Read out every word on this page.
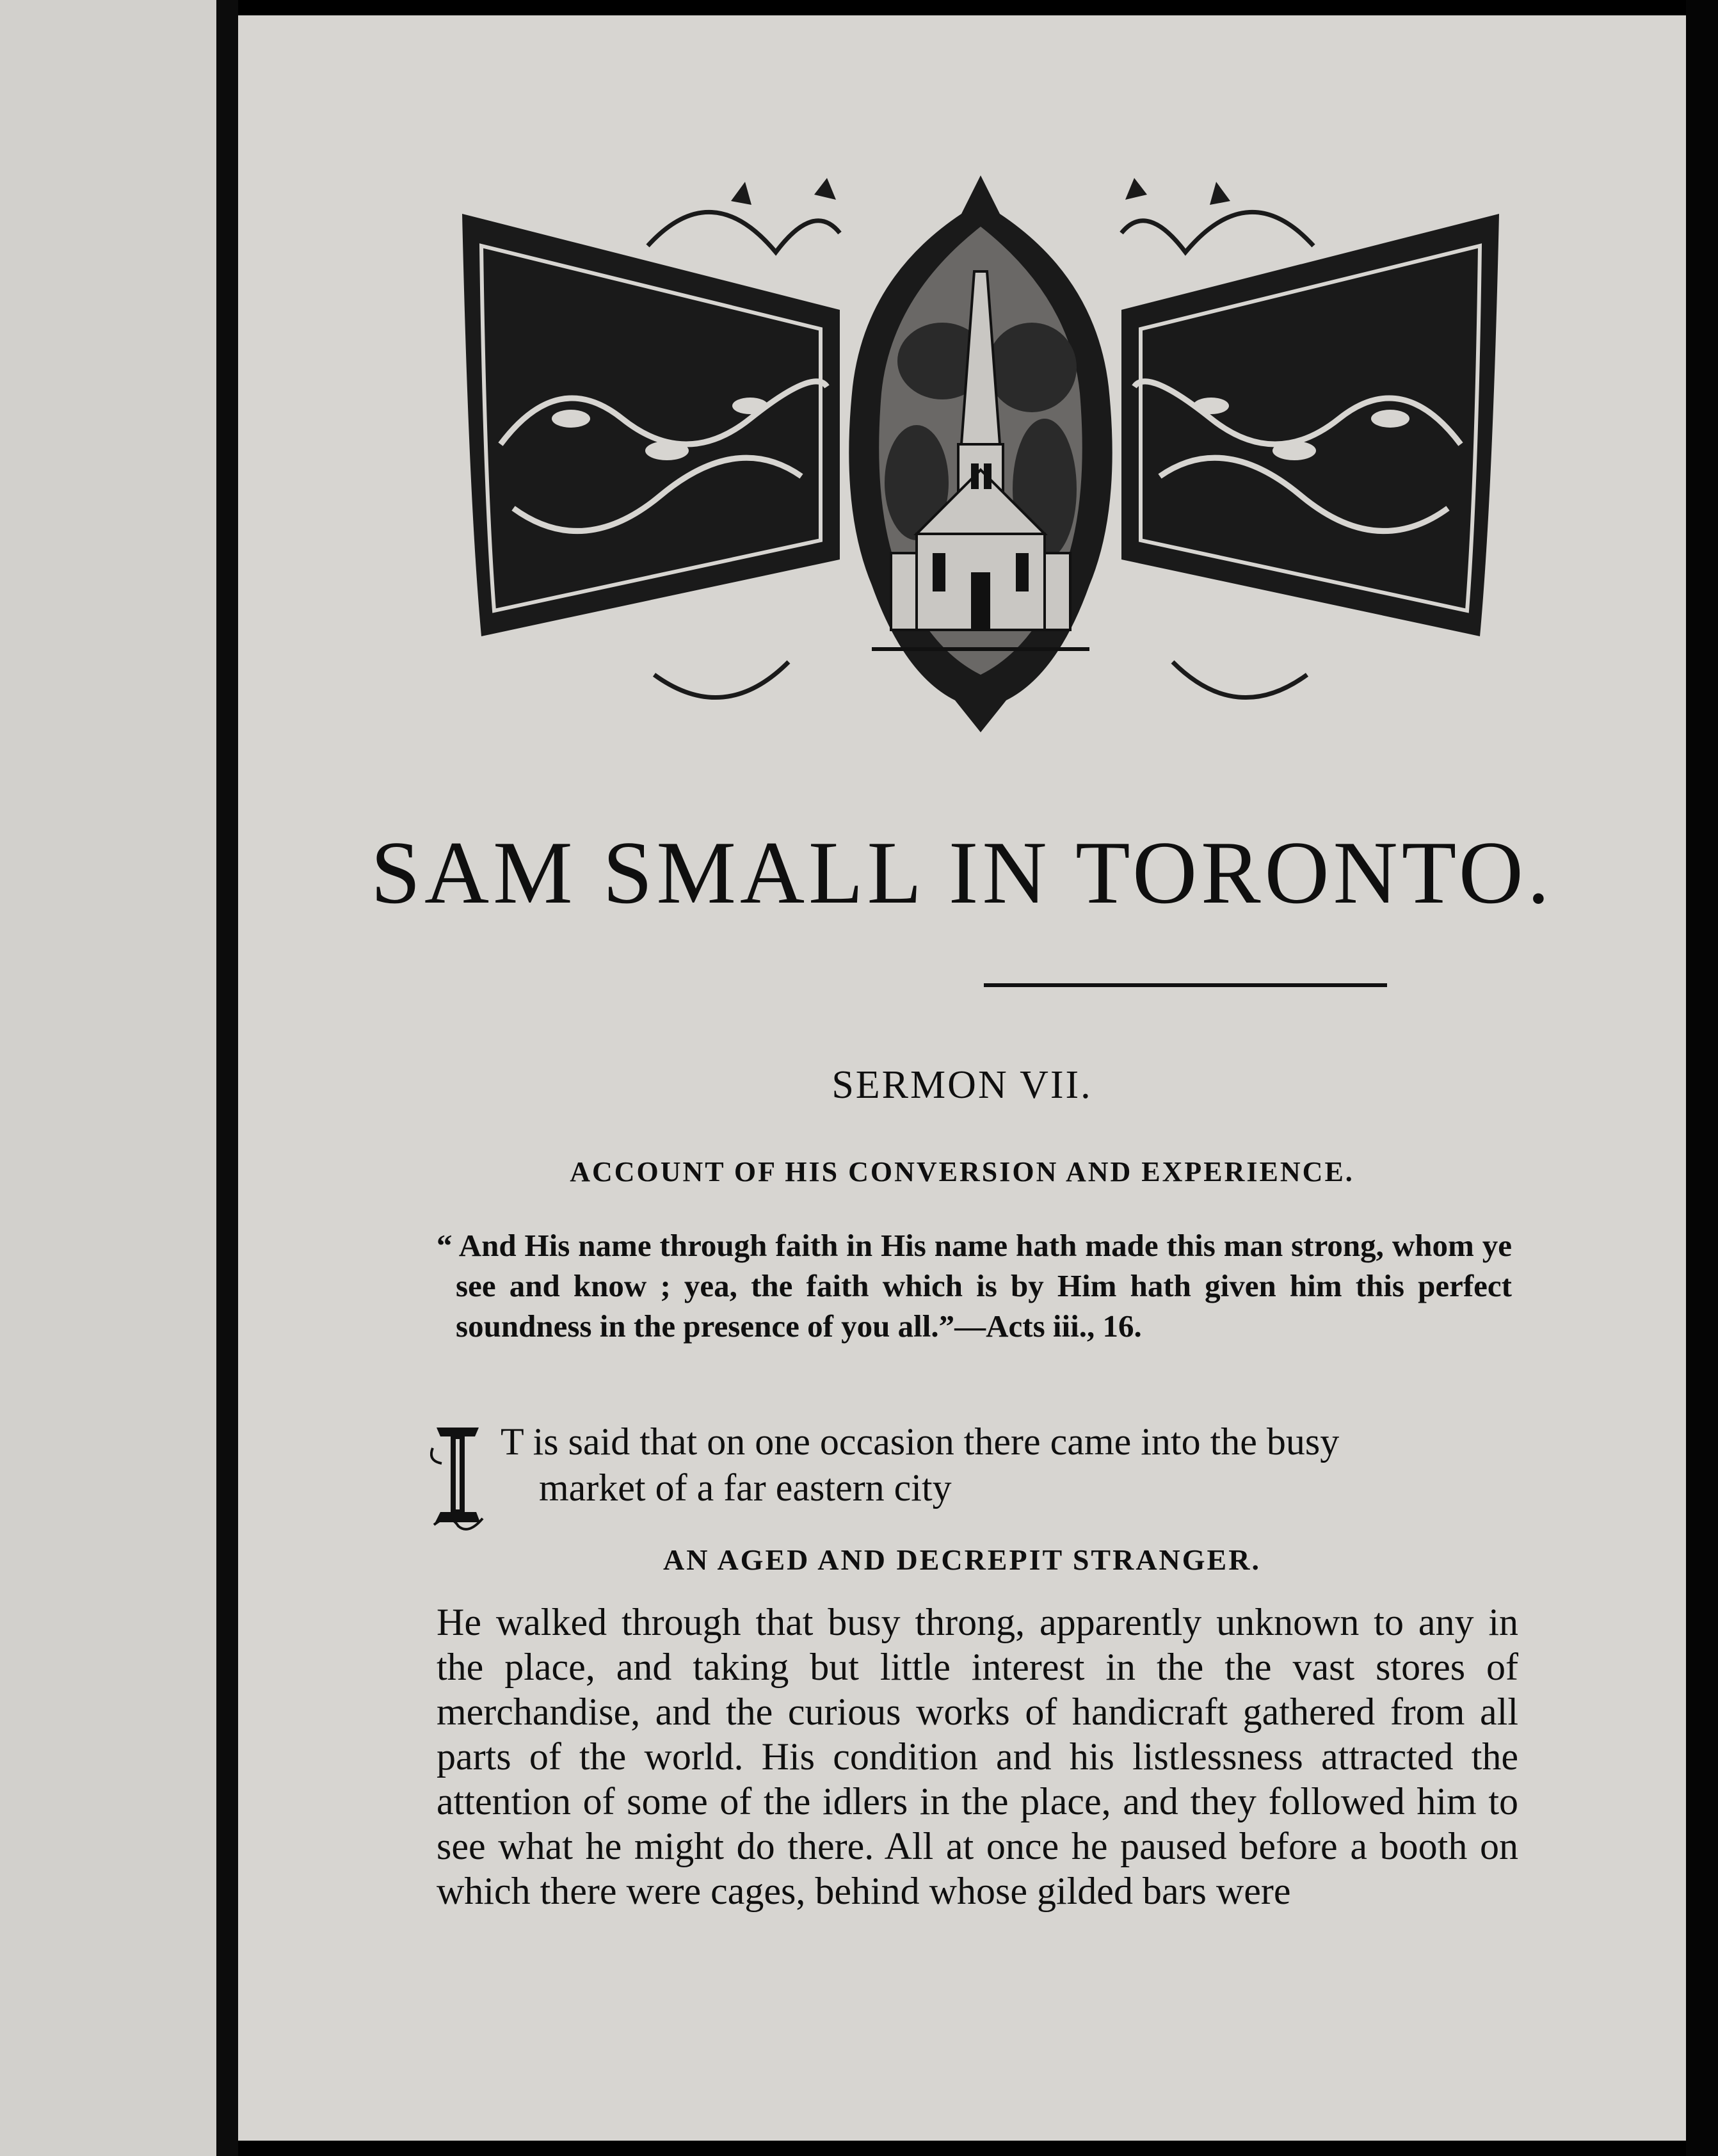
SAM SMALL IN TORONTO.
SERMON VII.
ACCOUNT OF HIS CONVERSION AND EXPERIENCE.

“ And His name through faith in His name hath made this man strong, whom ye see and know ; yea, the faith which is by Him hath given him this perfect soundness in the presence of you all.”—Acts iii., 16.

T is said that on one occasion there came into the busy
market of a far eastern city

AN AGED AND DECREPIT STRANGER.

He walked through that busy throng, apparently unknown to any in the place, and taking but little interest in the the vast stores of merchandise, and the curious works of handicraft gathered from all parts of the world. His condition and his listlessness attracted the attention of some of the idlers in the place, and they followed him to see what he might do there. All at once he paused before a booth on which there were cages, behind whose gilded bars were
